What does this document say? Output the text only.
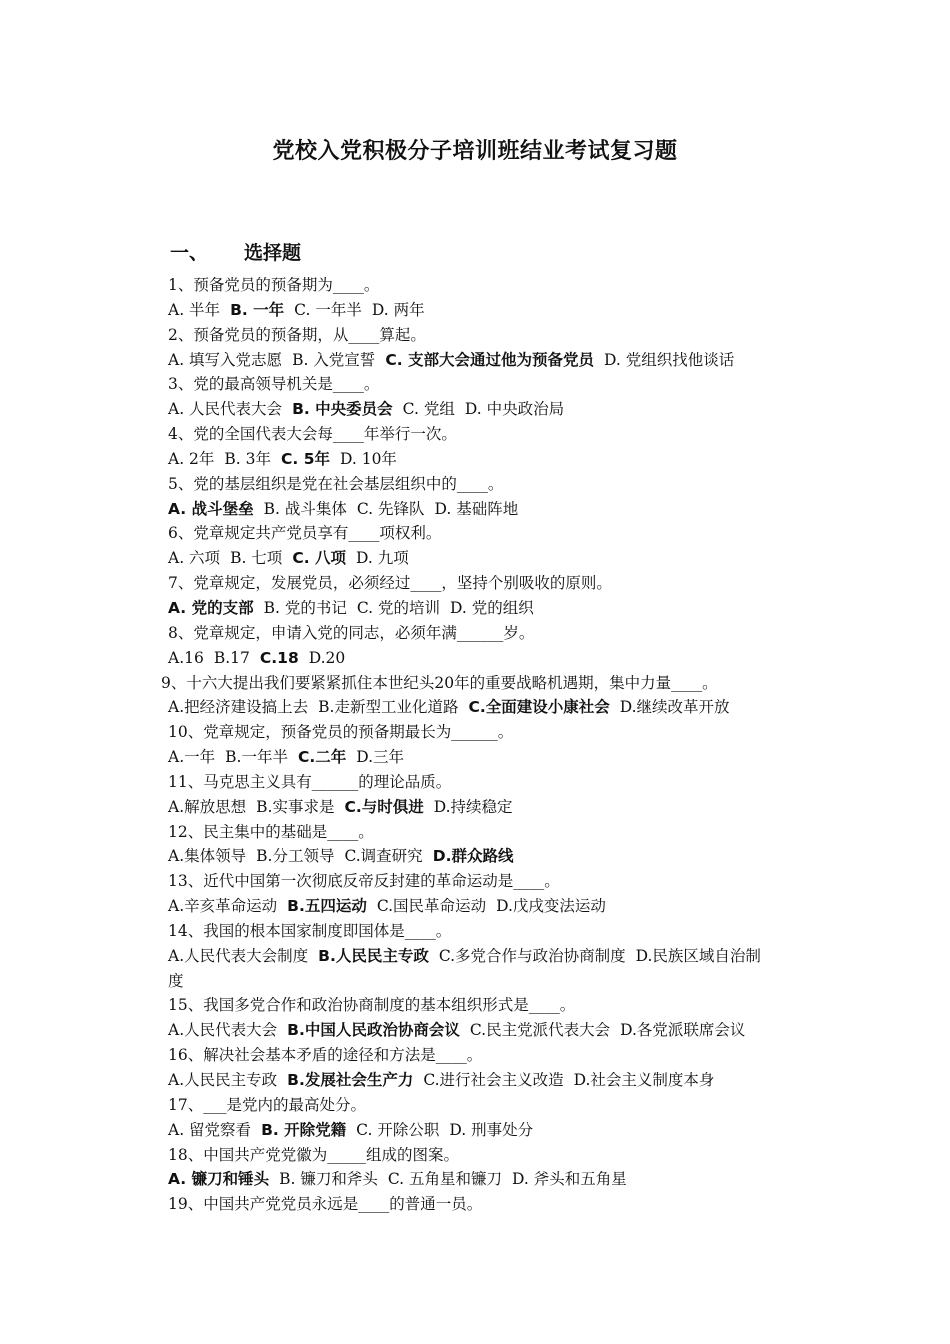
党校入党积极分子培训班结业考试复习题
一、 选择题
1、预备党员的预备期为____。
A. 半年 B. 一年 C. 一年半 D. 两年
2、预备党员的预备期，从____算起。
A. 填写入党志愿 B. 入党宣誓 C. 支部大会通过他为预备党员 D. 党组织找他谈话
3、党的最高领导机关是____。
A. 人民代表大会 B. 中央委员会 C. 党组 D. 中央政治局
4、党的全国代表大会每____年举行一次。
A. 2年 B. 3年 C. 5年 D. 10年
5、党的基层组织是党在社会基层组织中的____。
A. 战斗堡垒 B. 战斗集体 C. 先锋队 D. 基础阵地
6、党章规定共产党员享有____项权利。
A. 六项 B. 七项 C. 八项 D. 九项
7、党章规定，发展党员，必须经过____，坚持个别吸收的原则。
A. 党的支部 B. 党的书记 C. 党的培训 D. 党的组织
8、党章规定，申请入党的同志，必须年满______岁。
A.16 B.17 C.18 D.20
9、十六大提出我们要紧紧抓住本世纪头20年的重要战略机遇期，集中力量____。
A.把经济建设搞上去 B.走新型工业化道路 C.全面建设小康社会 D.继续改革开放
10、党章规定，预备党员的预备期最长为______。
A.一年 B.一年半 C.二年 D.三年
11、马克思主义具有______的理论品质。
A.解放思想 B.实事求是 C.与时俱进 D.持续稳定
12、民主集中的基础是____。
A.集体领导 B.分工领导 C.调查研究 D.群众路线
13、近代中国第一次彻底反帝反封建的革命运动是____。
A.辛亥革命运动 B.五四运动 C.国民革命运动 D.戊戌变法运动
14、我国的根本国家制度即国体是____。
A.人民代表大会制度 B.人民民主专政 C.多党合作与政治协商制度 D.民族区域自治制
度
15、我国多党合作和政治协商制度的基本组织形式是____。
A.人民代表大会 B.中国人民政治协商会议 C.民主党派代表大会 D.各党派联席会议
16、解决社会基本矛盾的途径和方法是____。
A.人民民主专政 B.发展社会生产力 C.进行社会主义改造 D.社会主义制度本身
17、___是党内的最高处分。
A. 留党察看 B. 开除党籍 C. 开除公职 D. 刑事处分
18、中国共产党党徽为_____组成的图案。
A. 镰刀和锤头 B. 镰刀和斧头 C. 五角星和镰刀 D. 斧头和五角星
19、中国共产党党员永远是____的普通一员。
